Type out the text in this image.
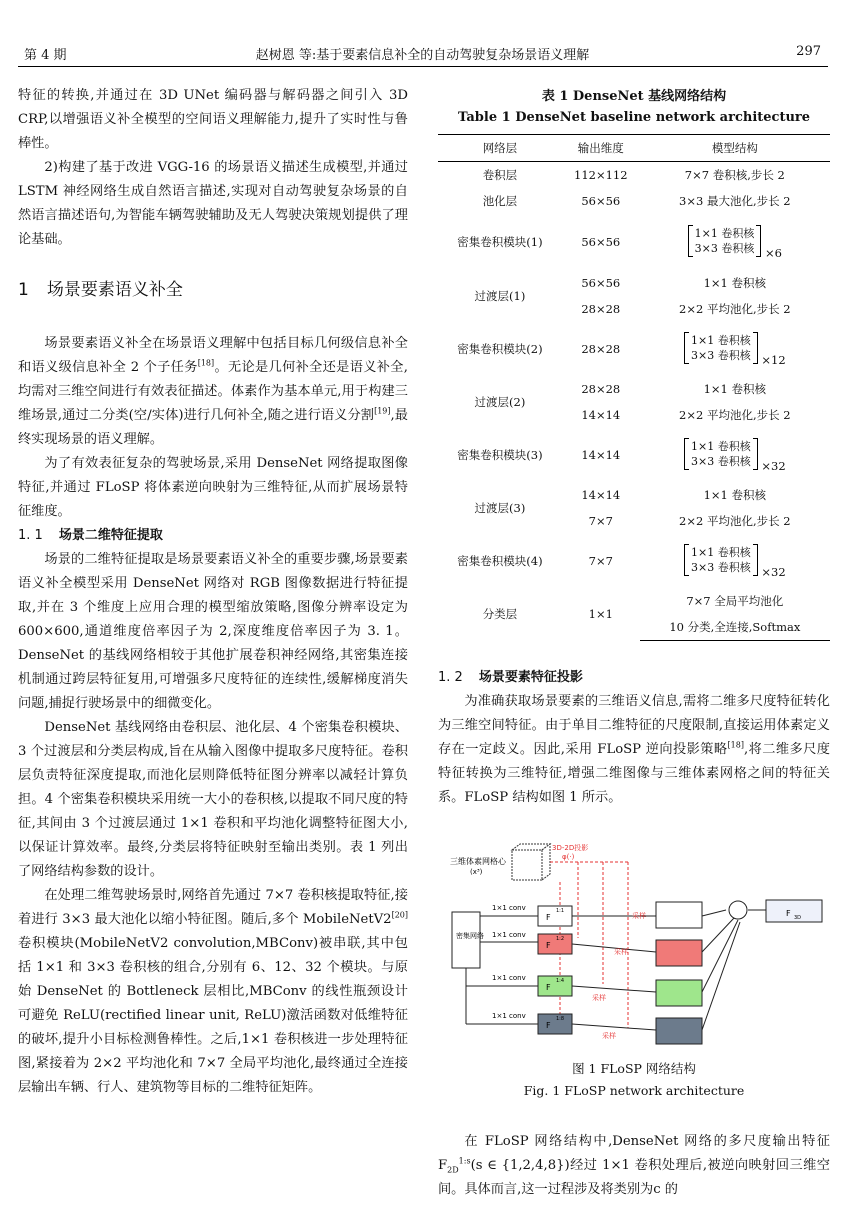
第 4 期	赵树恩 等:基于要素信息补全的自动驾驶复杂场景语义理解	297

特征的转换,并通过在 3D UNet 编码器与解码器之间引入 3D CRP,以增强语义补全模型的空间语义理解能力,提升了实时性与鲁棒性。

2)构建了基于改进 VGG-16 的场景语义描述生成模型,并通过 LSTM 神经网络生成自然语言描述,实现对自动驾驶复杂场景的自然语言描述语句,为智能车辆驾驶辅助及无人驾驶决策规划提供了理论基础。

1 场景要素语义补全

场景要素语义补全在场景语义理解中包括目标几何级信息补全和语义级信息补全 2 个子任务[18]。无论是几何补全还是语义补全,均需对三维空间进行有效表征描述。体素作为基本单元,用于构建三维场景,通过二分类(空/实体)进行几何补全,随之进行语义分割[19],最终实现场景的语义理解。

为了有效表征复杂的驾驶场景,采用 DenseNet 网络提取图像特征,并通过 FLoSP 将体素逆向映射为三维特征,从而扩展场景特征维度。

1. 1 场景二维特征提取

场景的二维特征提取是场景要素语义补全的重要步骤,场景要素语义补全模型采用 DenseNet 网络对 RGB 图像数据进行特征提取,并在 3 个维度上应用合理的模型缩放策略,图像分辨率设定为 600×600,通道维度倍率因子为 2,深度维度倍率因子为 3. 1。DenseNet 的基线网络相较于其他扩展卷积神经网络,其密集连接机制通过跨层特征复用,可增强多尺度特征的连续性,缓解梯度消失问题,捕捉行驶场景中的细微变化。

DenseNet 基线网络由卷积层、池化层、4 个密集卷积模块、3 个过渡层和分类层构成,旨在从输入图像中提取多尺度特征。卷积层负责特征深度提取,而池化层则降低特征图分辨率以减轻计算负担。4 个密集卷积模块采用统一大小的卷积核,以提取不同尺度的特征,其间由 3 个过渡层通过 1×1 卷积和平均池化调整特征图大小,以保证计算效率。最终,分类层将特征映射至输出类别。表 1 列出了网络结构参数的设计。

在处理二维驾驶场景时,网络首先通过 7×7 卷积核提取特征,接着进行 3×3 最大池化以缩小特征图。随后,多个 MobileNetV2[20]卷积模块(MobileNetV2 convolution,MBConv)被串联,其中包括 1×1 和 3×3 卷积核的组合,分别有 6、12、32 个模块。与原始 DenseNet 的 Bottleneck 层相比,MBConv 的线性瓶颈设计可避免 ReLU(rectified linear unit, ReLU)激活函数对低维特征的破坏,提升小目标检测鲁棒性。之后,1×1 卷积核进一步处理特征图,紧接着为 2×2 平均池化和 7×7 全局平均池化,最终通过全连接层输出车辆、行人、建筑物等目标的二维特征矩阵。

表 1 DenseNet 基线网络结构
Table 1 DenseNet baseline network architecture
网络层	输出维度	模型结构
卷积层	112×112	7×7 卷积核,步长 2
池化层	56×56	3×3 最大池化,步长 2
密集卷积模块(1)	56×56	1×1 卷积核
3×3 卷积核 ×6
过渡层(1)	56×56	1×1 卷积核
	28×28	2×2 平均池化,步长 2
密集卷积模块(2)	28×28	1×1 卷积核
3×3 卷积核 ×12
过渡层(2)	28×28	1×1 卷积核
	14×14	2×2 平均池化,步长 2
密集卷积模块(3)	14×14	1×1 卷积核
3×3 卷积核 ×32
过渡层(3)	14×14	1×1 卷积核
	7×7	2×2 平均池化,步长 2
密集卷积模块(4)	7×7	1×1 卷积核
3×3 卷积核 ×32
分类层	1×1	7×7 全局平均池化
		10 分类,全连接,Softmax
1. 2 场景要素特征投影

为准确获取场景要素的三维语义信息,需将二维多尺度特征转化为三维空间特征。由于单目二维特征的尺度限制,直接运用体素定义存在一定歧义。因此,采用 FLoSP 逆向投影策略[18],将二维多尺度特征转换为三维特征,增强二维图像与三维体素网格之间的特征关系。FLoSP 结构如图 1 所示。

三维体素网格心
(x³)
3D-2D投影
φ(·)
密集网络
1×1 conv
1×1 conv
1×1 conv
1×1 conv
F
1:1
F
1:2
F
1:4
F
1:8
采样
采样
采样
采样
F 3D
图 1 FLoSP 网络结构
Fig. 1 FLoSP network architecture

在 FLoSP 网络结构中,DenseNet 网络的多尺度输出特征 $F_{2D}^{1:s}(s$ ∈ {1,2,4,8})经过 1×1 卷积处理后,被逆向映射回三维空间。具体而言,这一过程涉及将类别为c 的
